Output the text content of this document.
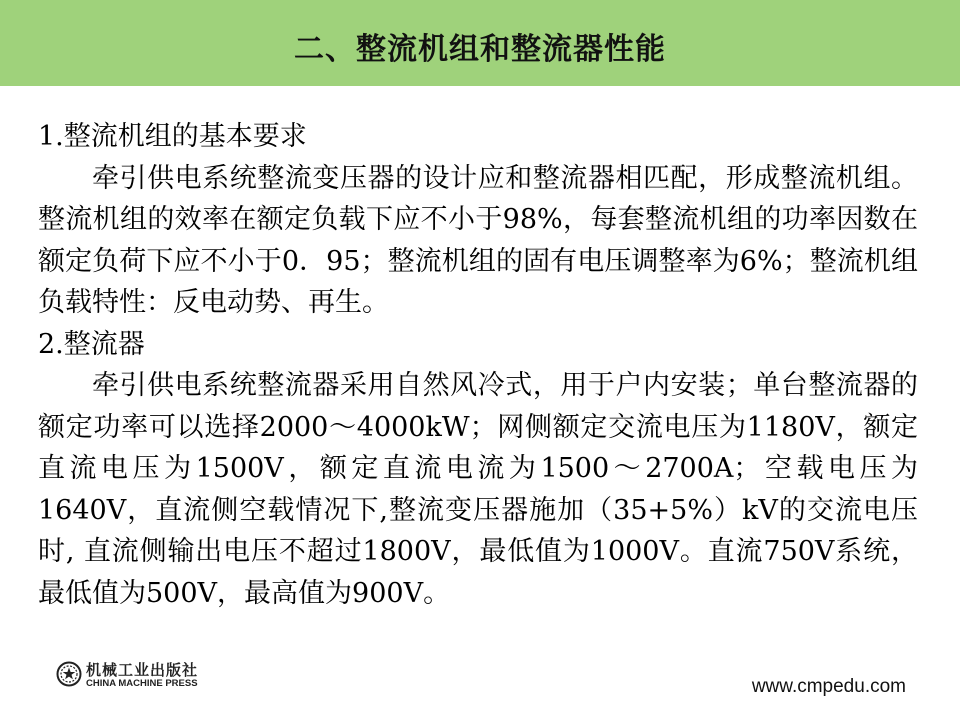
二、整流机组和整流器性能

1.整流机组的基本要求

牵引供电系统整流变压器的设计应和整流器相匹配，形成整流机组。整流机组的效率在额定负载下应不小于98%，每套整流机组的功率因数在额定负荷下应不小于0．95；整流机组的固有电压调整率为6%；整流机组负载特性：反电动势、再生。

2.整流器

牵引供电系统整流器采用自然风冷式，用于户内安装；单台整流器的额定功率可以选择2000～4000kW；网侧额定交流电压为1180V，额定直流电压为1500V，额定直流电流为1500～2700A；空载电压为1640V，直流侧空载情况下,整流变压器施加（35+5%）kV的交流电压时, 直流侧输出电压不超过1800V，最低值为1000V。直流750V系统，最低值为500V，最高值为900V。

机械工业出版社
CHINA MACHINE PRESS	www.cmpedu.com
